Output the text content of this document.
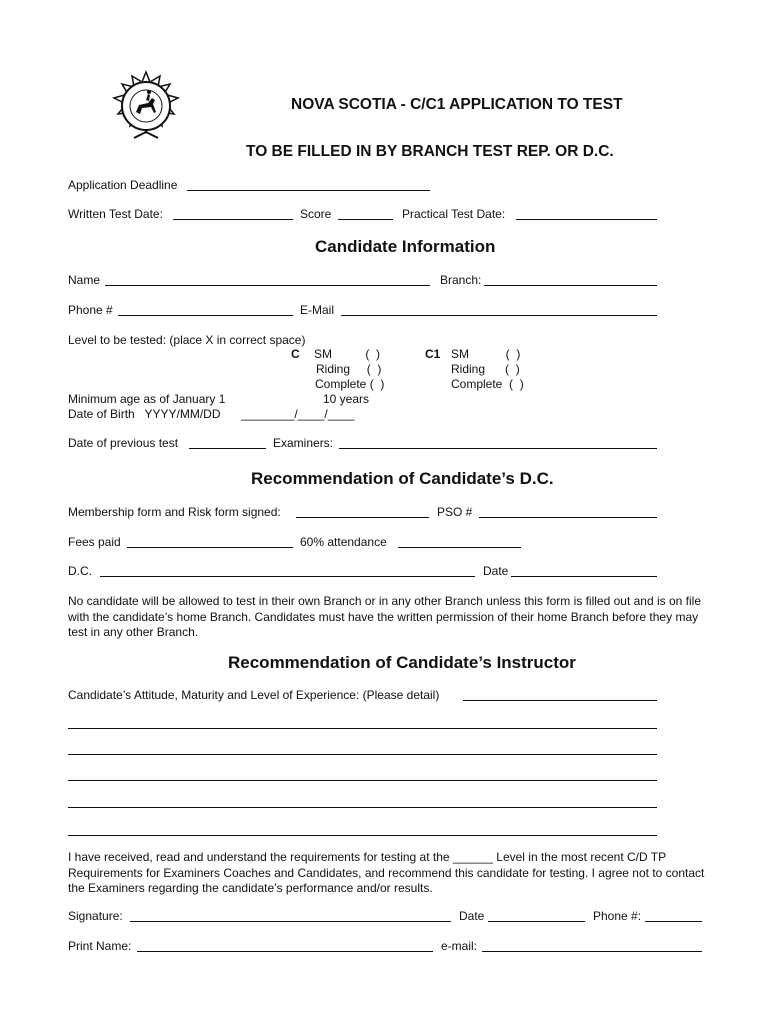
NOVA SCOTIA - C/C1 APPLICATION TO TEST
TO BE FILLED IN BY BRANCH TEST REP. OR D.C.
Application Deadline
Written Test Date:	Score	Practical Test Date:
Candidate Information
Name	Branch:
Phone #	E-Mail
Level to be tested: (place X in correct space)
C SM          (  )
Riding     (  )
Complete (  )
C1 SM           (  )
Riding      (  )
Complete  (  )
Minimum age as of January 1	10 years
Date of Birth   YYYY/MM/DD ________/____/____
Date of previous test	Examiners:
Recommendation of Candidate’s D.C.
Membership form and Risk form signed:	PSO #
Fees paid	60% attendance
D.C.	Date
No candidate will be allowed to test in their own Branch or in any other Branch unless this form is filled out and is on file with the candidate’s home Branch. Candidates must have the written permission of their home Branch before they may test in any other Branch.
Recommendation of Candidate’s Instructor
Candidate’s Attitude, Maturity and Level of Experience: (Please detail)
I have received, read and understand the requirements for testing at the ______ Level in the most recent C/D TP Requirements for Examiners Coaches and Candidates, and recommend this candidate for testing. I agree not to contact the Examiners regarding the candidate’s performance and/or results.
Signature:	Date	Phone #:
Print Name:	e-mail:
